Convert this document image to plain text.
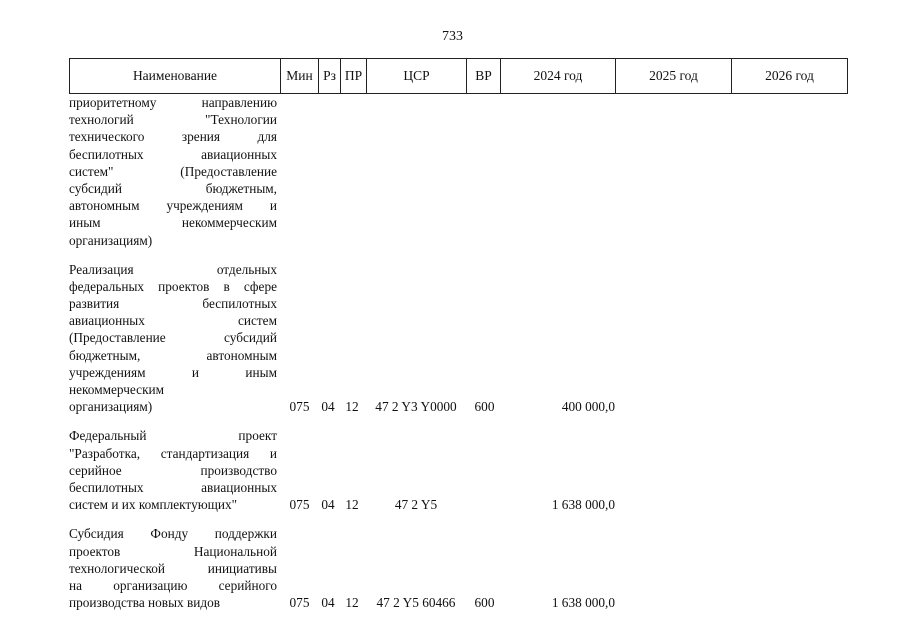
733
Наименование	Мин	Рз	ПР	ЦСР	ВР	2024 год	2025 год	2026 год
приоритетному направлению
технологий "Технологии
технического зрения для
беспилотных авиационных
систем" (Предоставление
субсидий бюджетным,
автономным учреждениям и
иным некоммерческим
организациям)
Реализация отдельных
федеральных проектов в сфере
развития беспилотных
авиационных систем
(Предоставление субсидий
бюджетным, автономным
учреждениям и иным
некоммерческим
организациям)	075 04 12	47 2 Y3 Y0000	600	400 000,0
Федеральный проект
"Разработка, стандартизация и
серийное производство
беспилотных авиационных
систем и их комплектующих"	075 04 12	47 2 Y5	1 638 000,0
Субсидия Фонду поддержки
проектов Национальной
технологической инициативы
на организацию серийного
производства новых видов	075 04 12	47 2 Y5 60466	600	1 638 000,0
